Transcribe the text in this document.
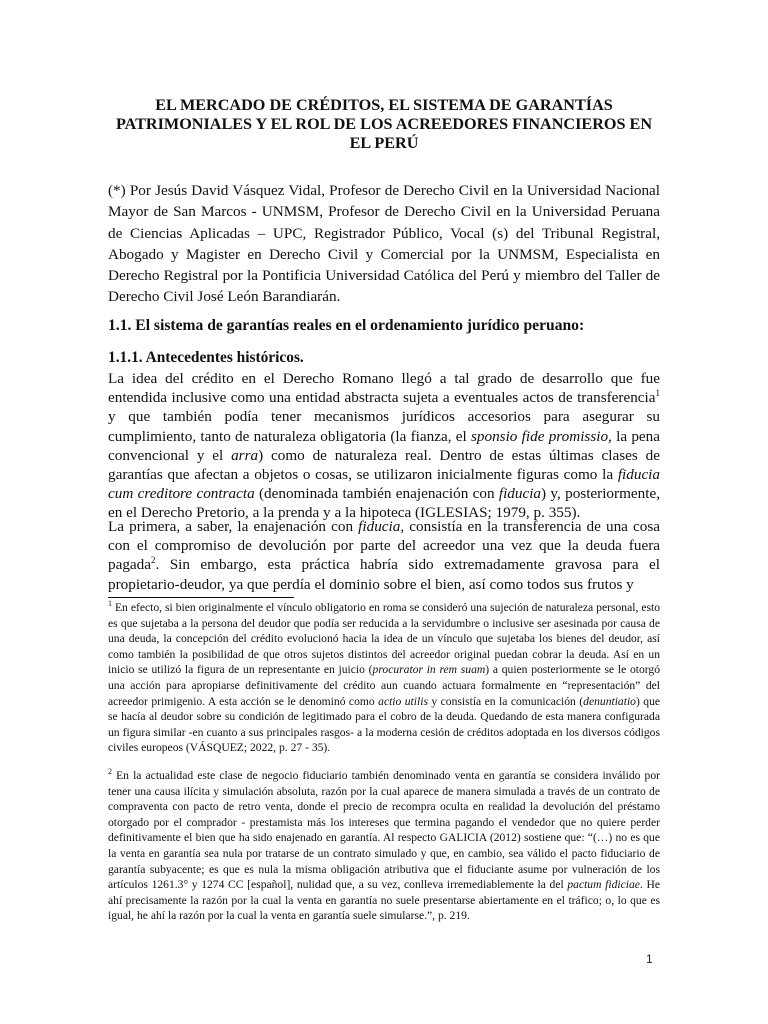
EL MERCADO DE CRÉDITOS, EL SISTEMA DE GARANTÍAS PATRIMONIALES Y EL ROL DE LOS ACREEDORES FINANCIEROS EN EL PERÚ

(*) Por Jesús David Vásquez Vidal, Profesor de Derecho Civil en la Universidad Nacional Mayor de San Marcos - UNMSM, Profesor de Derecho Civil en la Universidad Peruana de Ciencias Aplicadas – UPC, Registrador Público, Vocal (s) del Tribunal Registral, Abogado y Magister en Derecho Civil y Comercial por la UNMSM, Especialista en Derecho Registral por la Pontificia Universidad Católica del Perú y miembro del Taller de Derecho Civil José León Barandiarán.

1.1. El sistema de garantías reales en el ordenamiento jurídico peruano:
1.1.1. Antecedentes históricos.

La idea del crédito en el Derecho Romano llegó a tal grado de desarrollo que fue entendida inclusive como una entidad abstracta sujeta a eventuales actos de transferencia$^1$ y que también podía tener mecanismos jurídicos accesorios para asegurar su cumplimiento, tanto de naturaleza obligatoria (la fianza, el sponsio fide promissio, la pena convencional y el arra) como de naturaleza real. Dentro de estas últimas clases de garantías que afectan a objetos o cosas, se utilizaron inicialmente figuras como la fiducia cum creditore contracta (denominada también enajenación con fiducia) y, posteriormente, en el Derecho Pretorio, a la prenda y a la hipoteca (IGLESIAS; 1979, p. 355).

La primera, a saber, la enajenación con fiducia, consistía en la transferencia de una cosa con el compromiso de devolución por parte del acreedor una vez que la deuda fuera pagada$^2$. Sin embargo, esta práctica habría sido extremadamente gravosa para el propietario-deudor, ya que perdía el dominio sobre el bien, así como todos sus frutos y

$^1$ En efecto, si bien originalmente el vínculo obligatorio en roma se consideró una sujeción de naturaleza personal, esto es que sujetaba a la persona del deudor que podía ser reducida a la servidumbre o inclusive ser asesinada por causa de una deuda, la concepción del crédito evolucionó hacia la idea de un vínculo que sujetaba los bienes del deudor, así como también la posibilidad de que otros sujetos distintos del acreedor original puedan cobrar la deuda. Así en un inicio se utilizó la figura de un representante en juicio (procurator in rem suam) a quien posteriormente se le otorgó una acción para apropiarse definitivamente del crédito aun cuando actuara formalmente en “representación” del acreedor primigenio. A esta acción se le denominó como actio utilis y consistía en la comunicación (denuntiatio) que se hacía al deudor sobre su condición de legitimado para el cobro de la deuda. Quedando de esta manera configurada un figura similar -en cuanto a sus principales rasgos- a la moderna cesión de créditos adoptada en los diversos códigos civiles europeos (VÁSQUEZ; 2022, p. 27 - 35).

$^2$ En la actualidad este clase de negocio fiduciario también denominado venta en garantía se considera inválido por tener una causa ilícita y simulación absoluta, razón por la cual aparece de manera simulada a través de un contrato de compraventa con pacto de retro venta, donde el precio de recompra oculta en realidad la devolución del préstamo otorgado por el comprador - prestamista más los intereses que termina pagando el vendedor que no quiere perder definitivamente el bien que ha sido enajenado en garantía. Al respecto GALICIA (2012) sostiene que: “(…) no es que la venta en garantía sea nula por tratarse de un contrato simulado y que, en cambio, sea válido el pacto fiduciario de garantía subyacente; es que es nula la misma obligación atributiva que el fiduciante asume por vulneración de los artículos 1261.3° y 1274 CC [español], nulidad que, a su vez, conlleva irremediablemente la del pactum fidiciae. He ahí precisamente la razón por la cual la venta en garantía no suele presentarse abiertamente en el tráfico; o, lo que es igual, he ahí la razón por la cual la venta en garantía suele simularse.”, p. 219.

1
